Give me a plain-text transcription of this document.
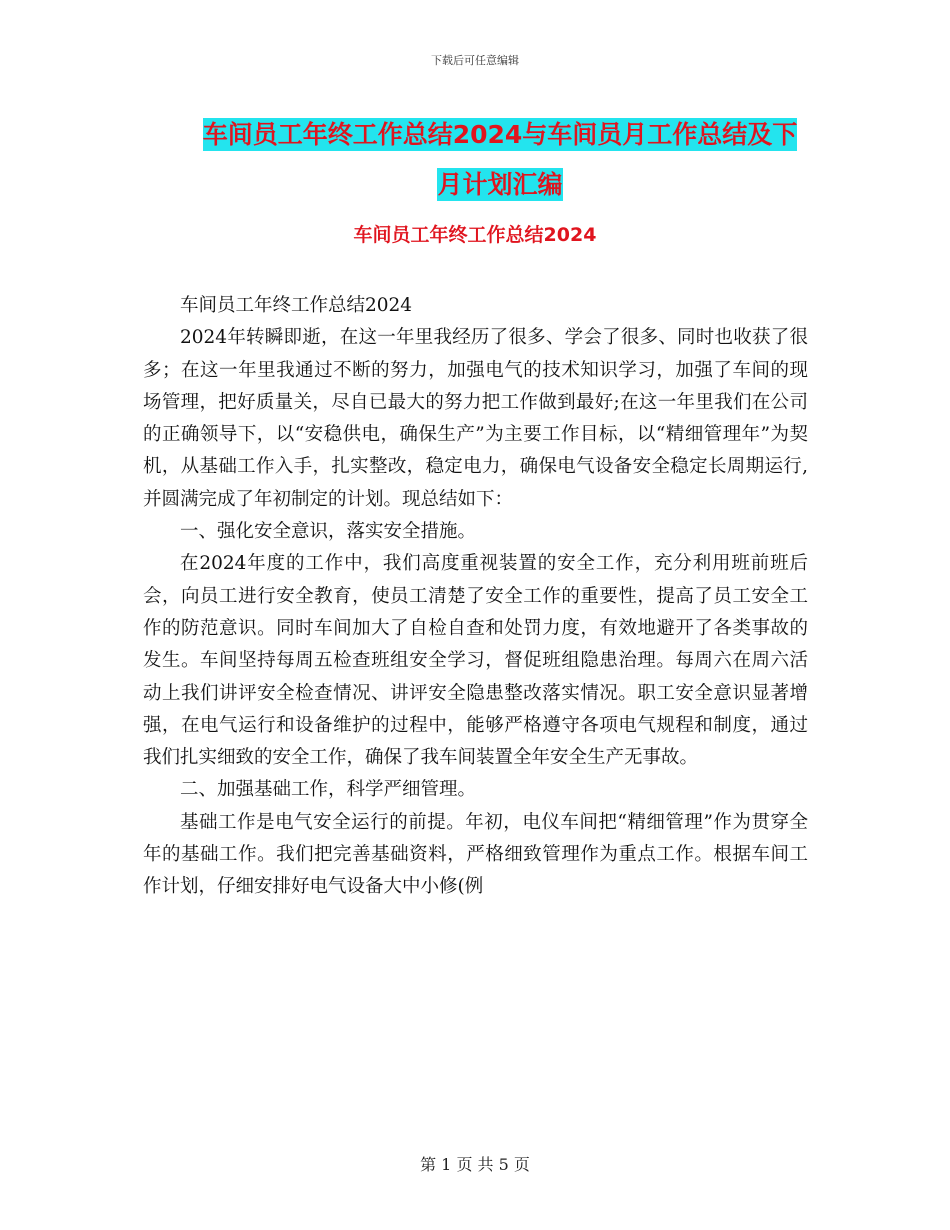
下载后可任意编辑
车间员工年终工作总结2024与车间员月工作总结及下
月计划汇编
车间员工年终工作总结2024

车间员工年终工作总结2024

2024年转瞬即逝，在这一年里我经历了很多、学会了很多、同时也收获了很多；在这一年里我通过不断的努力，加强电气的技术知识学习，加强了车间的现场管理，把好质量关，尽自已最大的努力把工作做到最好;在这一年里我们在公司的正确领导下，以“安稳供电，确保生产”为主要工作目标，以“精细管理年”为契机，从基础工作入手，扎实整改，稳定电力，确保电气设备安全稳定长周期运行,并圆满完成了年初制定的计划。现总结如下：

一、强化安全意识，落实安全措施。

在2024年度的工作中，我们高度重视装置的安全工作，充分利用班前班后会，向员工进行安全教育，使员工清楚了安全工作的重要性，提高了员工安全工作的防范意识。同时车间加大了自检自查和处罚力度，有效地避开了各类事故的发生。车间坚持每周五检查班组安全学习，督促班组隐患治理。每周六在周六活动上我们讲评安全检查情况、讲评安全隐患整改落实情况。职工安全意识显著增强，在电气运行和设备维护的过程中，能够严格遵守各项电气规程和制度，通过我们扎实细致的安全工作，确保了我车间装置全年安全生产无事故。

二、加强基础工作，科学严细管理。

基础工作是电气安全运行的前提。年初，电仪车间把“精细管理”作为贯穿全年的基础工作。我们把完善基础资料，严格细致管理作为重点工作。根据车间工作计划，仔细安排好电气设备大中小修(例

第 1 页 共 5 页
